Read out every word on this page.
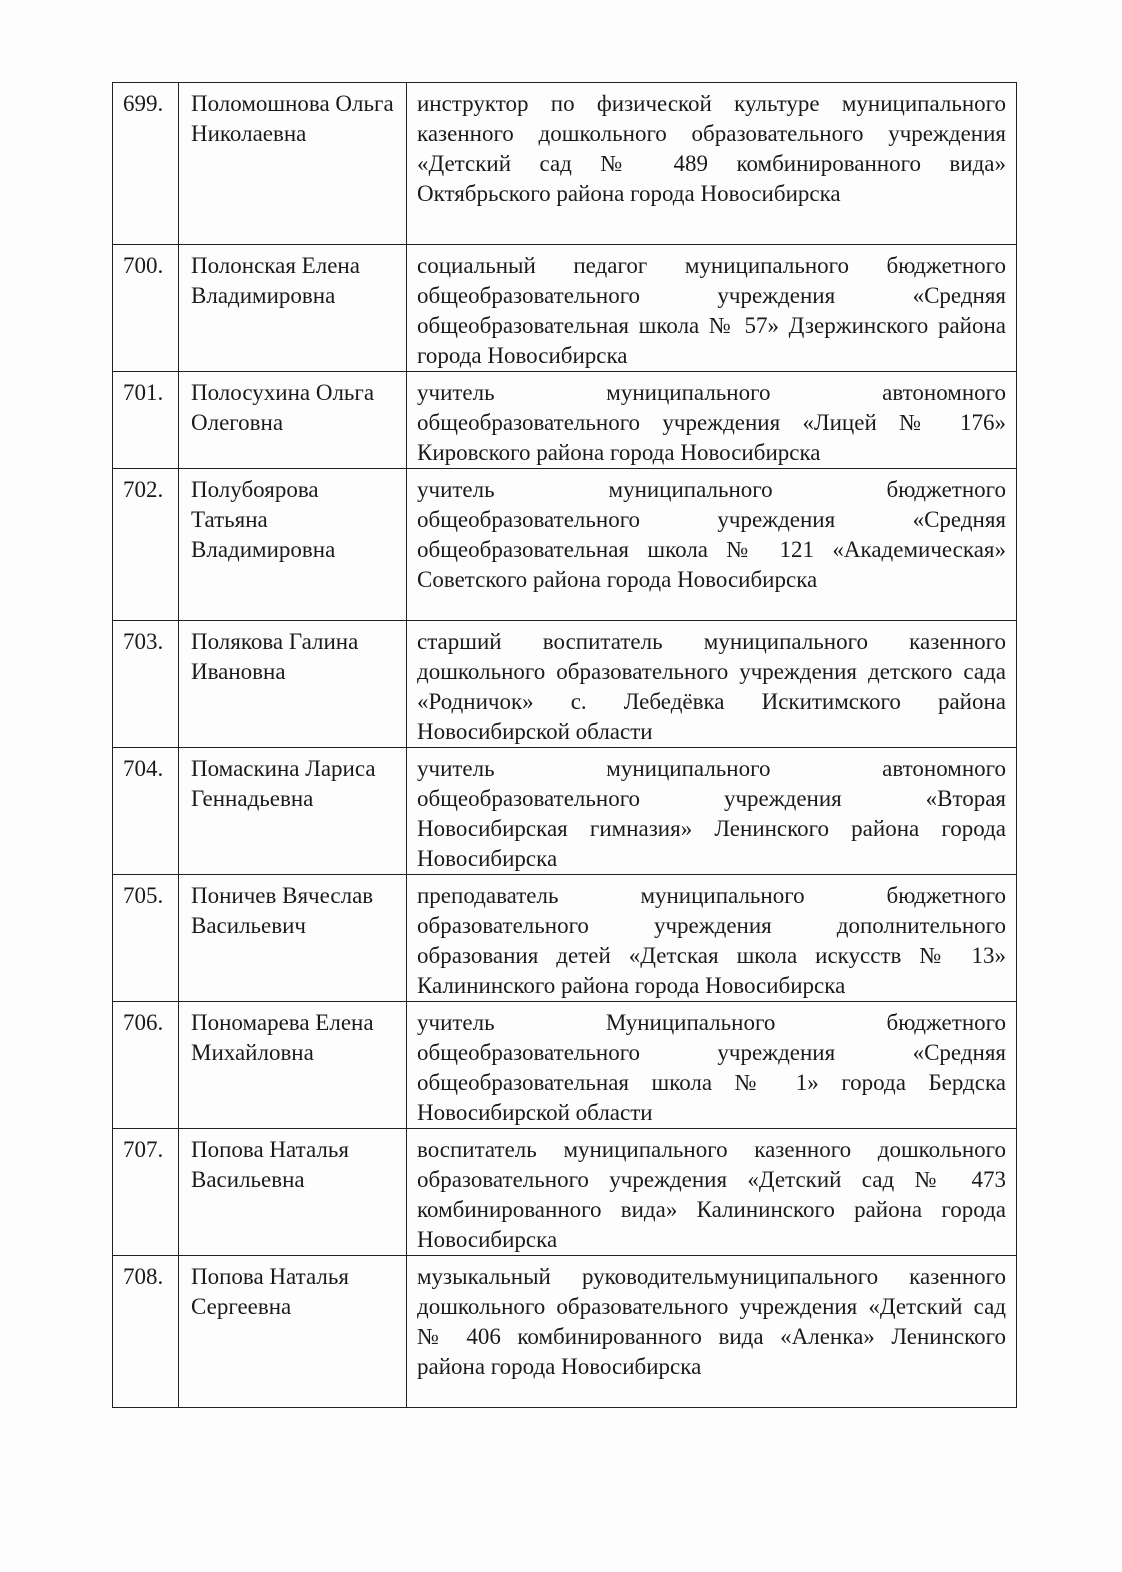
699.	Поломошнова Ольга Николаевна	инструктор по физической культуре муниципального казенного дошкольного образовательного учреждения «Детский сад № 489 комбинированного вида» Октябрьского района города Новосибирска
700.	Полонская Елена Владимировна	социальный педагог муниципального бюджетного общеобразовательного учреждения «Средняя общеобразовательная школа № 57» Дзержинского района города Новосибирска
701.	Полосухина Ольга Олеговна	учитель муниципального автономного общеобразовательного учреждения «Лицей № 176» Кировского района города Новосибирска
702.	Полубоярова Татьяна Владимировна	учитель муниципального бюджетного общеобразовательного учреждения «Средняя общеобразовательная школа № 121 «Академическая» Советского района города Новосибирска
703.	Полякова Галина Ивановна	старший воспитатель муниципального казенного дошкольного образовательного учреждения детского сада «Родничок» с. Лебедёвка Искитимского района Новосибирской области
704.	Помаскина Лариса Геннадьевна	учитель муниципального автономного общеобразовательного учреждения «Вторая Новосибирская гимназия» Ленинского района города Новосибирска
705.	Поничев Вячеслав Васильевич	преподаватель муниципального бюджетного образовательного учреждения дополнительного образования детей «Детская школа искусств № 13» Калининского района города Новосибирска
706.	Пономарева Елена Михайловна	учитель Муниципального бюджетного общеобразовательного учреждения «Средняя общеобразовательная школа № 1» города Бердска Новосибирской области
707.	Попова Наталья Васильевна	воспитатель муниципального казенного дошкольного образовательного учреждения «Детский сад № 473 комбинированного вида» Калининского района города Новосибирска
708.	Попова Наталья Сергеевна	музыкальный руководительмуниципального казенного дошкольного образовательного учреждения «Детский сад № 406 комбинированного вида «Аленка» Ленинского района города Новосибирска
